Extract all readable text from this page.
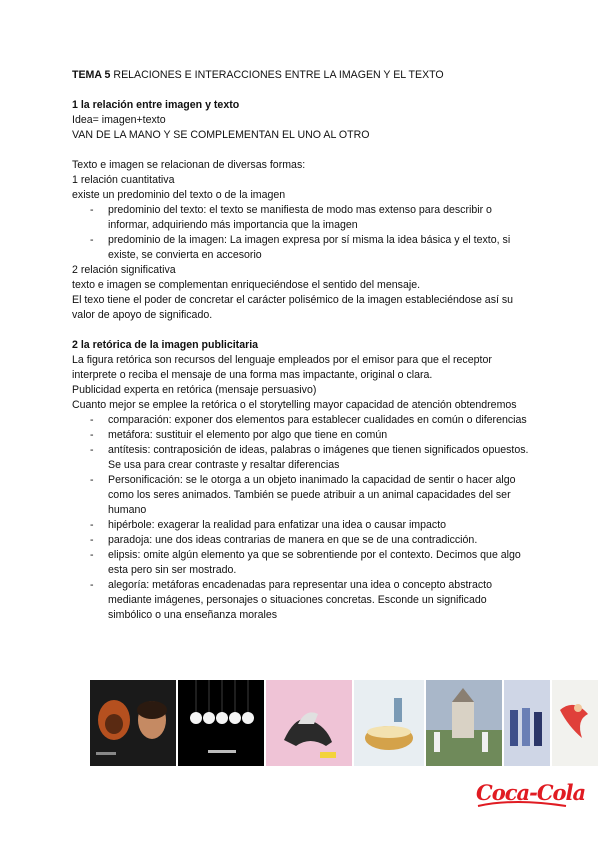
TEMA 5 RELACIONES E INTERACCIONES ENTRE LA IMAGEN Y EL TEXTO
1 la relación entre imagen y texto
Idea= imagen+texto
VAN DE LA MANO Y SE COMPLEMENTAN EL UNO AL OTRO
Texto e imagen se relacionan de diversas formas:
1 relación cuantitativa
existe un predominio del texto o de la imagen
- predominio del texto: el texto se manifiesta de modo mas extenso para describir o informar, adquiriendo más importancia que la imagen
- predominio de la imagen: La imagen expresa por sí misma la idea básica y el texto, si existe, se convierta en accesorio
2 relación significativa
texto e imagen se complementan enriqueciéndose el sentido del mensaje.
El texo tiene el poder de concretar el carácter polisémico de la imagen estableciéndose así su valor de apoyo de significado.
2 la retórica de la imagen publicitaria
La figura retórica son recursos del lenguaje empleados por el emisor para que el receptor interprete o reciba el mensaje de una forma mas impactante, original o clara.
Publicidad experta en retórica (mensaje persuasivo)
Cuanto mejor se emplee la retórica o el storytelling mayor capacidad de atención obtendremos
- comparación: exponer dos elementos para establecer cualidades en común o diferencias
- metáfora: sustituir el elemento por algo que tiene en común
- antítesis: contraposición de ideas, palabras o imágenes que tienen significados opuestos. Se usa para crear contraste y resaltar diferencias
- Personificación: se le otorga a un objeto inanimado la capacidad de sentir o hacer algo como los seres animados. También se puede atribuir a un animal capacidades del ser humano
- hipérbole: exagerar la realidad para enfatizar una idea o causar impacto
- paradoja: une dos ideas contrarias de manera en que se de una contradicción.
- elipsis: omite algún elemento ya que se sobrentiende por el contexto. Decimos que algo esta pero sin ser mostrado.
- alegoría: metáforas encadenadas para representar una idea o concepto abstracto mediante imágenes, personajes o situaciones concretas. Esconde un significado simbólico o una enseñanza morales
Coca-Cola
